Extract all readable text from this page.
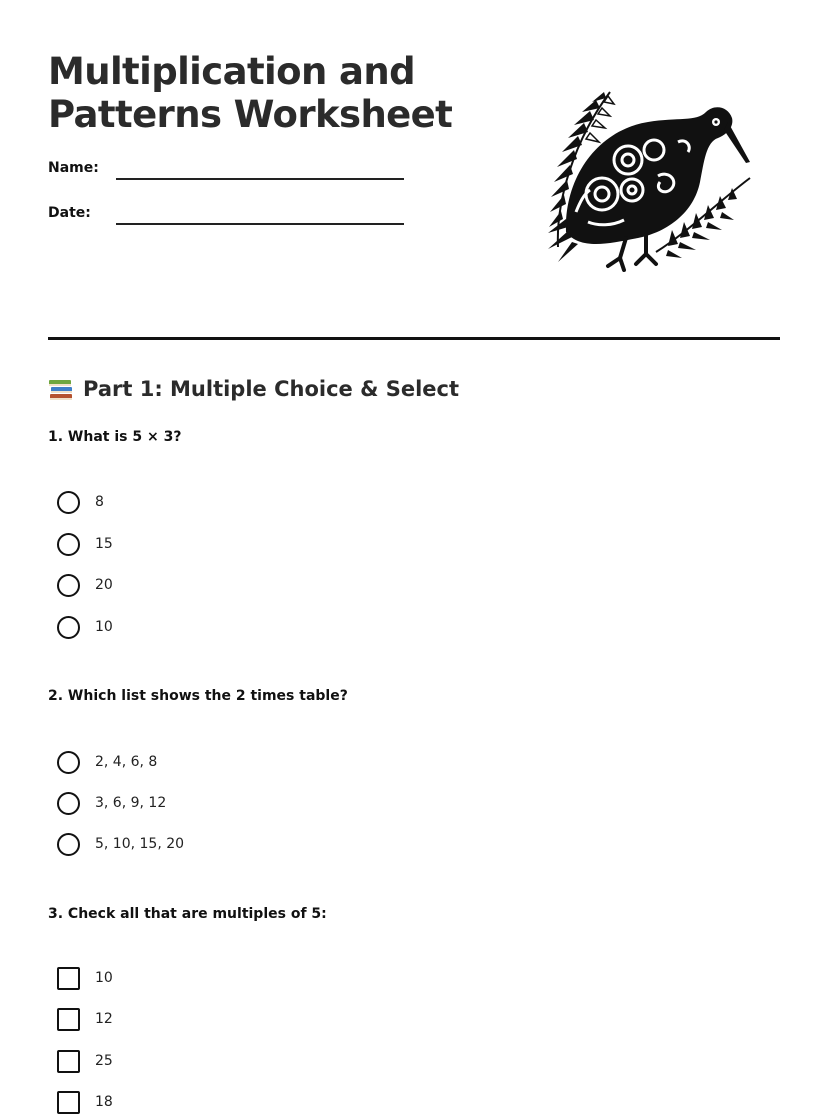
Multiplication and
Patterns Worksheet
Name:
Date:
Part 1: Multiple Choice & Select

1. What is 5 × 3?

8
15
20
10

2. Which list shows the 2 times table?

2, 4, 6, 8
3, 6, 9, 12
5, 10, 15, 20

3. Check all that are multiples of 5:

10
12
25
18
